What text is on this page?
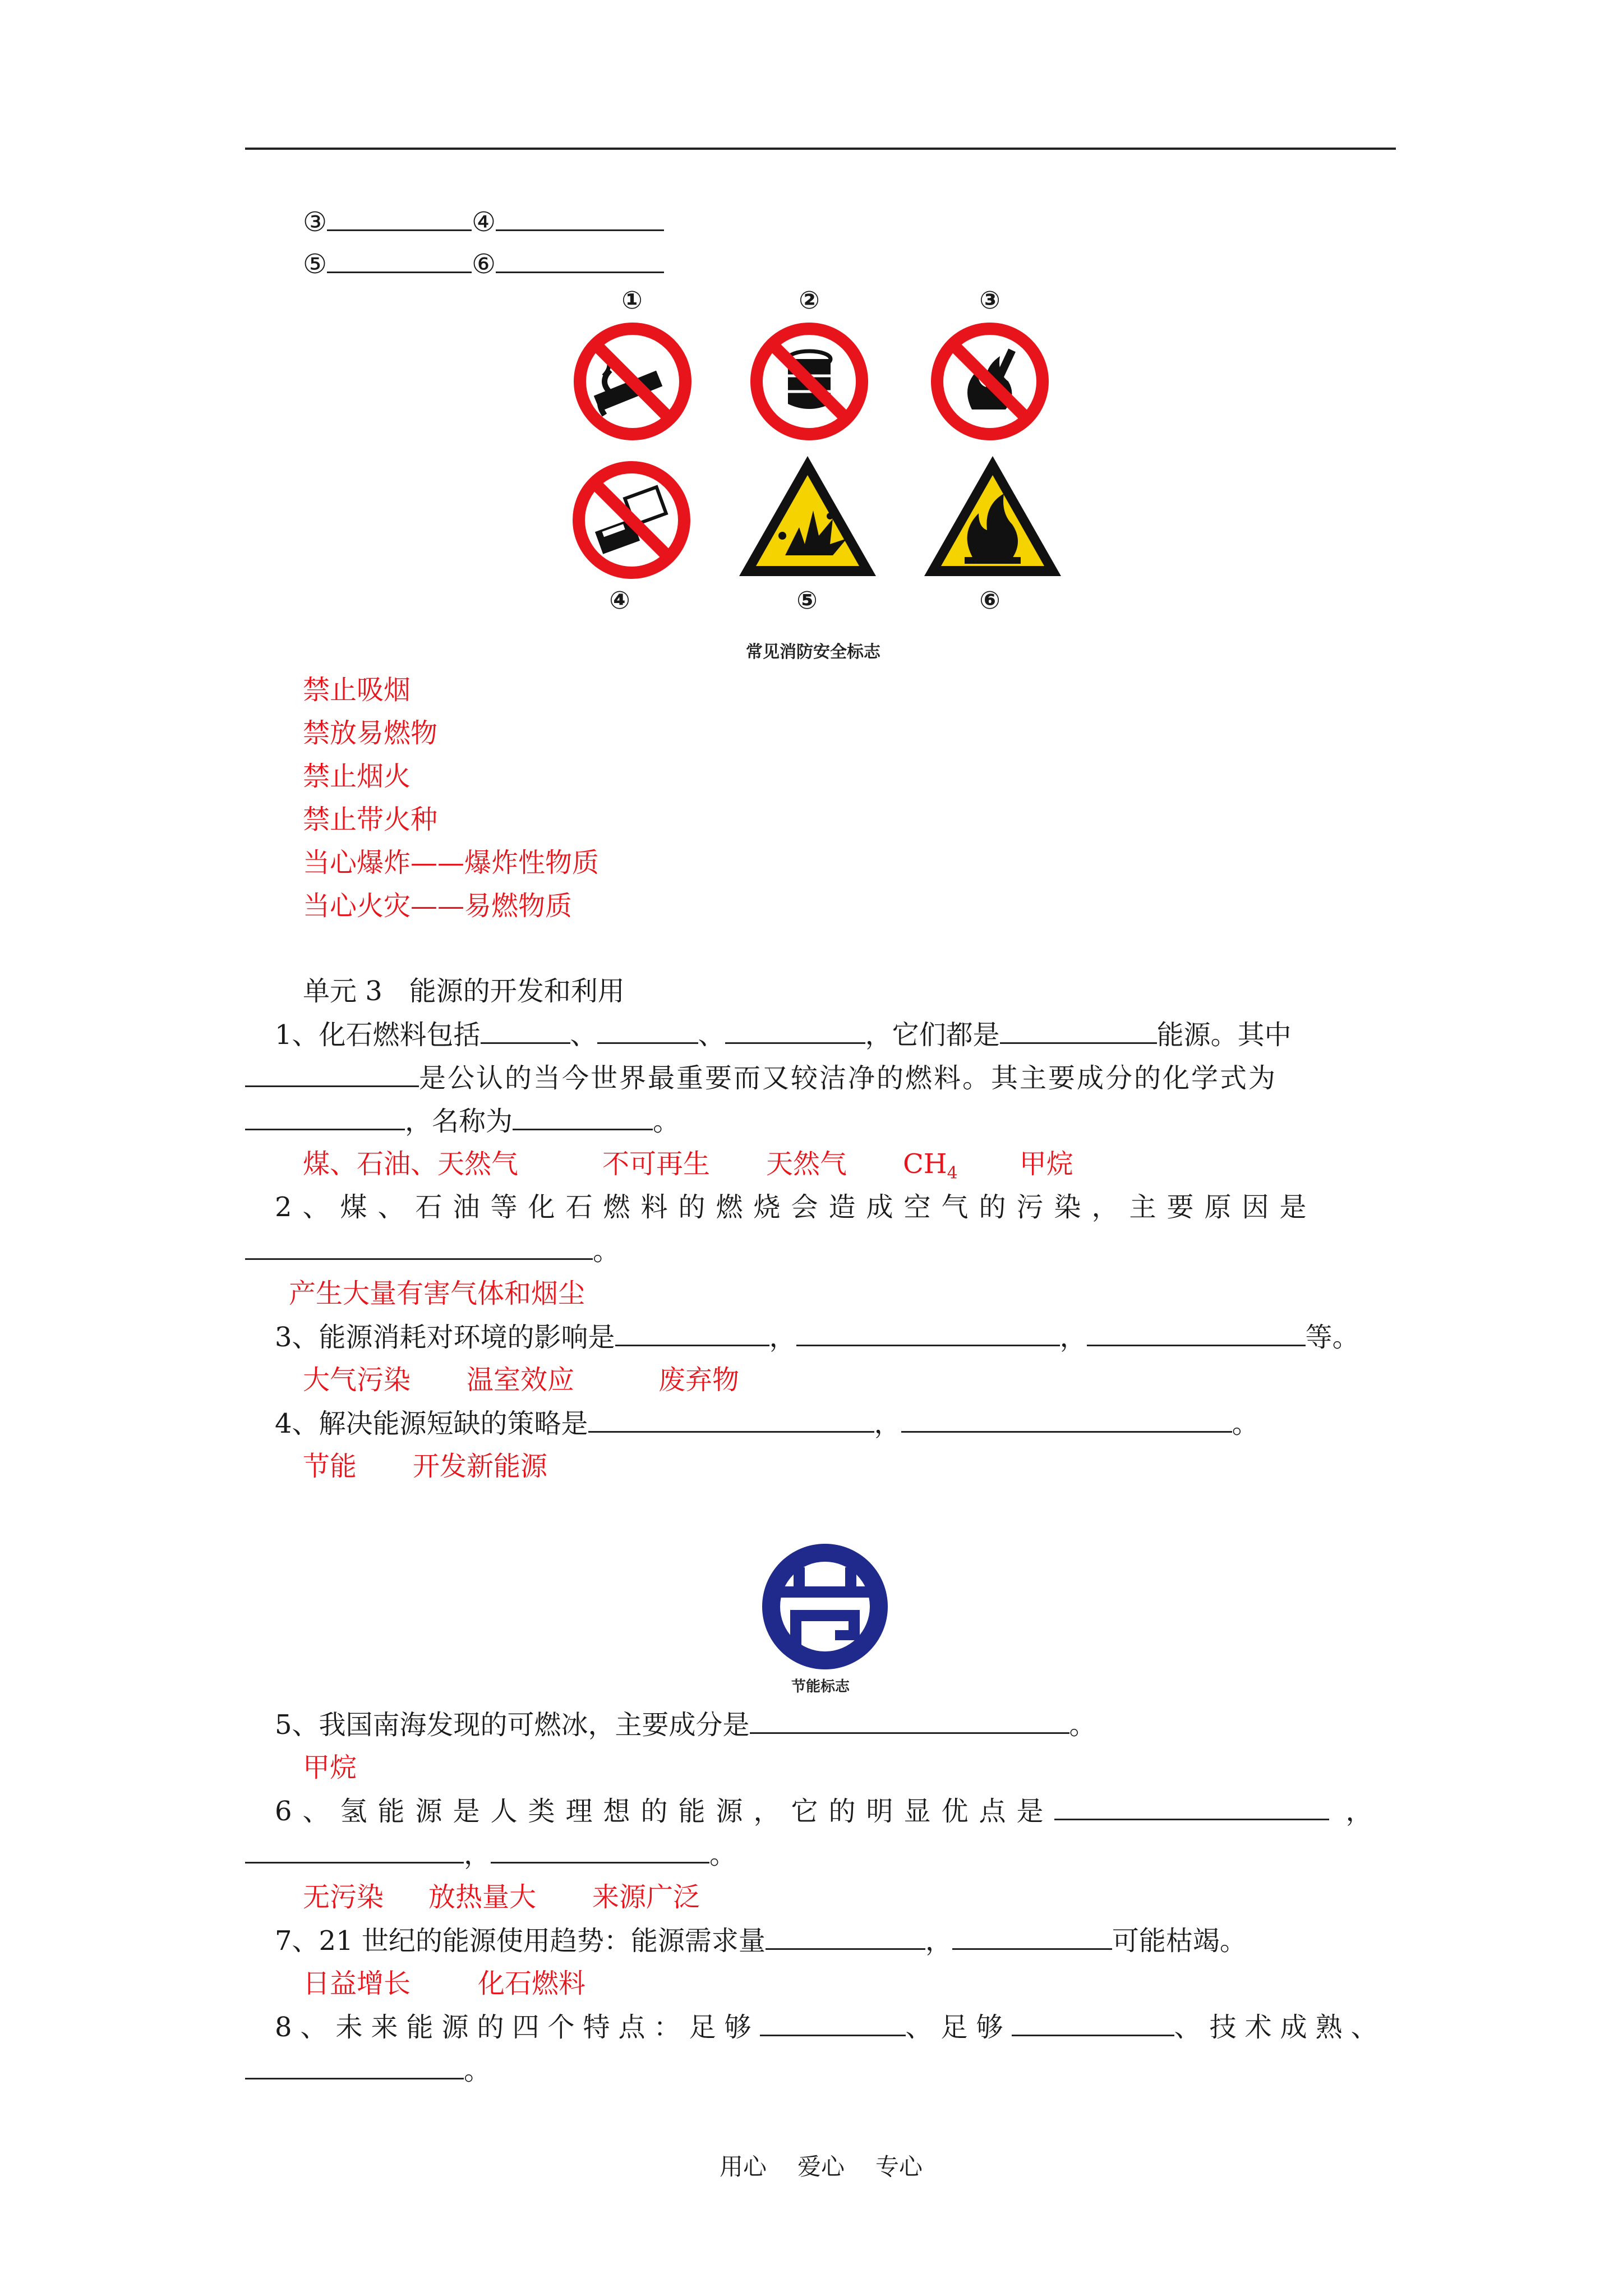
③	④
⑤	⑥
①	②	③
④	⑤	⑥
常见消防安全标志
禁止吸烟
禁放易燃物
禁止烟火
禁止带火种
当心爆炸——爆炸性物质
当心火灾——易燃物质
单元 3　能源的开发和利用
1、化石燃料包括	、	、	，它们都是	能源。其中
是公认的当今世界最重要而又较洁净的燃料。其主要成分的化学式为
，名称为	。
煤、石油、天然气	不可再生 天然气 $CH_4$ 甲烷
2、煤、石油等化石燃料的燃烧会造成空气的污染，主要原因是
。
产生大量有害气体和烟尘
3、能源消耗对环境的影响是	，	，	等。
大气污染 温室效应	废弃物
4、解决能源短缺的策略是	，	。
节能 开发新能源
节能标志
5、我国南海发现的可燃冰，主要成分是	。
甲烷
6、氢能源是人类理想的能源，它的明显优点是	，
，	。
无污染 放热量大 来源广泛
7、21 世纪的能源使用趋势：能源需求量	，	可能枯竭。
日益增长	化石燃料
8、未来能源的四个特点：足够	、足够	、技术成熟、
。
用心 爱心 专心
